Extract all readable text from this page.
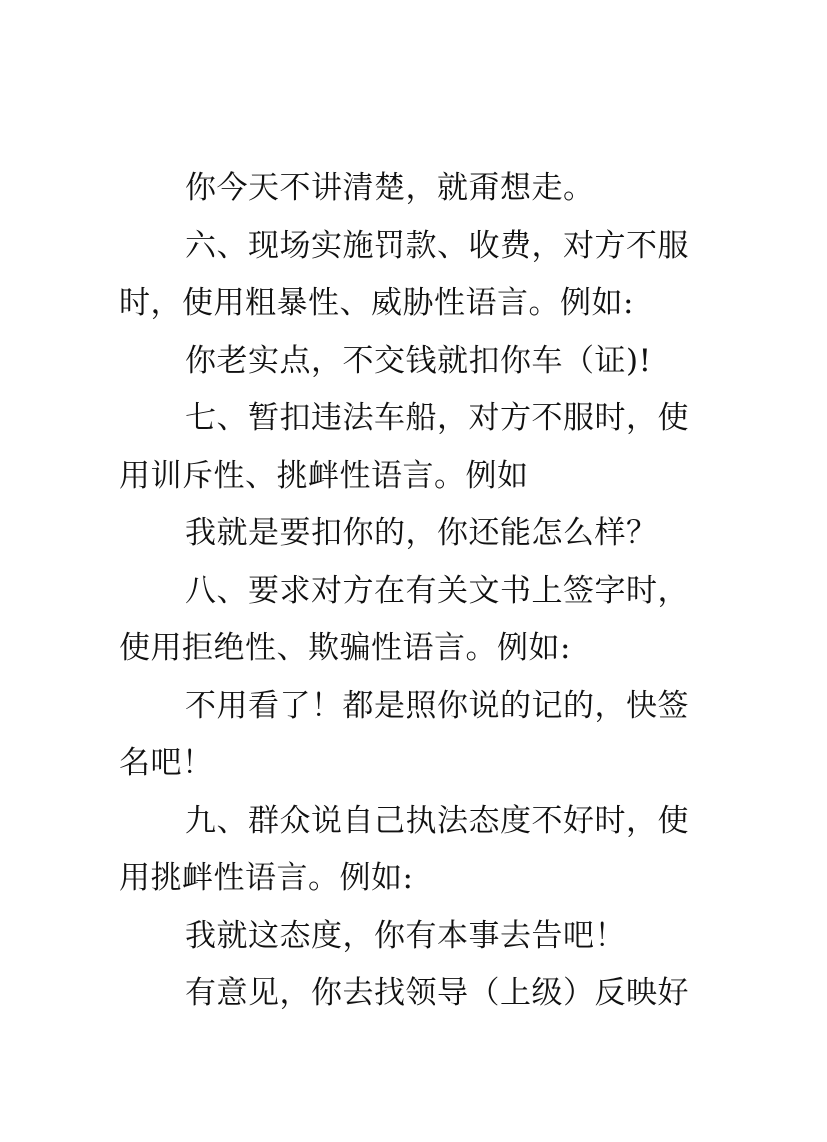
你今天不讲清楚，就甭想走。
六、现场实施罚款、收费，对方不服
时，使用粗暴性、威胁性语言。例如:
你老实点，不交钱就扣你车（证)!
七、暂扣违法车船，对方不服时，使
用训斥性、挑衅性语言。例如
我就是要扣你的，你还能怎么样？
八、要求对方在有关文书上签字时，
使用拒绝性、欺骗性语言。例如:
不用看了！都是照你说的记的，快签
名吧！
九、群众说自己执法态度不好时，使
用挑衅性语言。例如:
我就这态度，你有本事去告吧！
有意见，你去找领导（上级）反映好
